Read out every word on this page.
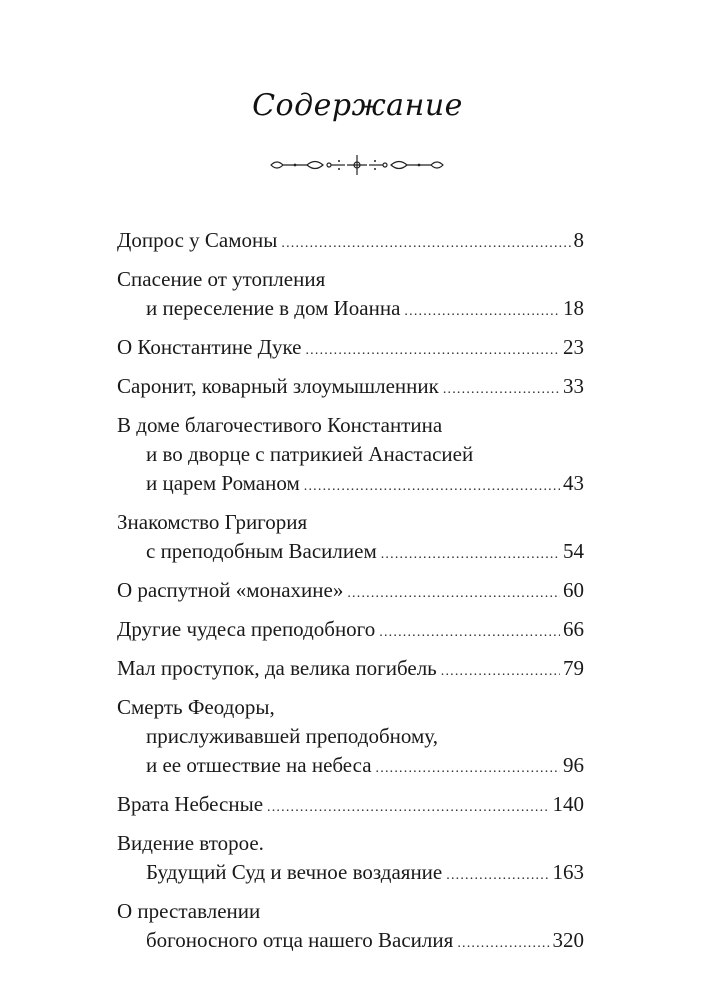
Содержание
Допрос у Самоны .....	8
Спасение от утопления
и переселение в дом Иоанна .....	18
О Константине Дуке .....	23
Саронит, коварный злоумышленник .....	33
В доме благочестивого Константина
и во дворце с патрикией Анастасией
и царем Романом .....	43
Знакомство Григория
с преподобным Василием .....	54
О распутной «монахине» .....	60
Другие чудеса преподобного .....	66
Мал проступок, да велика погибель .....	79
Смерть Феодоры,
прислуживавшей преподобному,
и ее отшествие на небеса .....	96
Врата Небесные .....	140
Видение второе.
Будущий Суд и вечное воздаяние .....	163
О преставлении
богоносного отца нашего Василия .....	320
